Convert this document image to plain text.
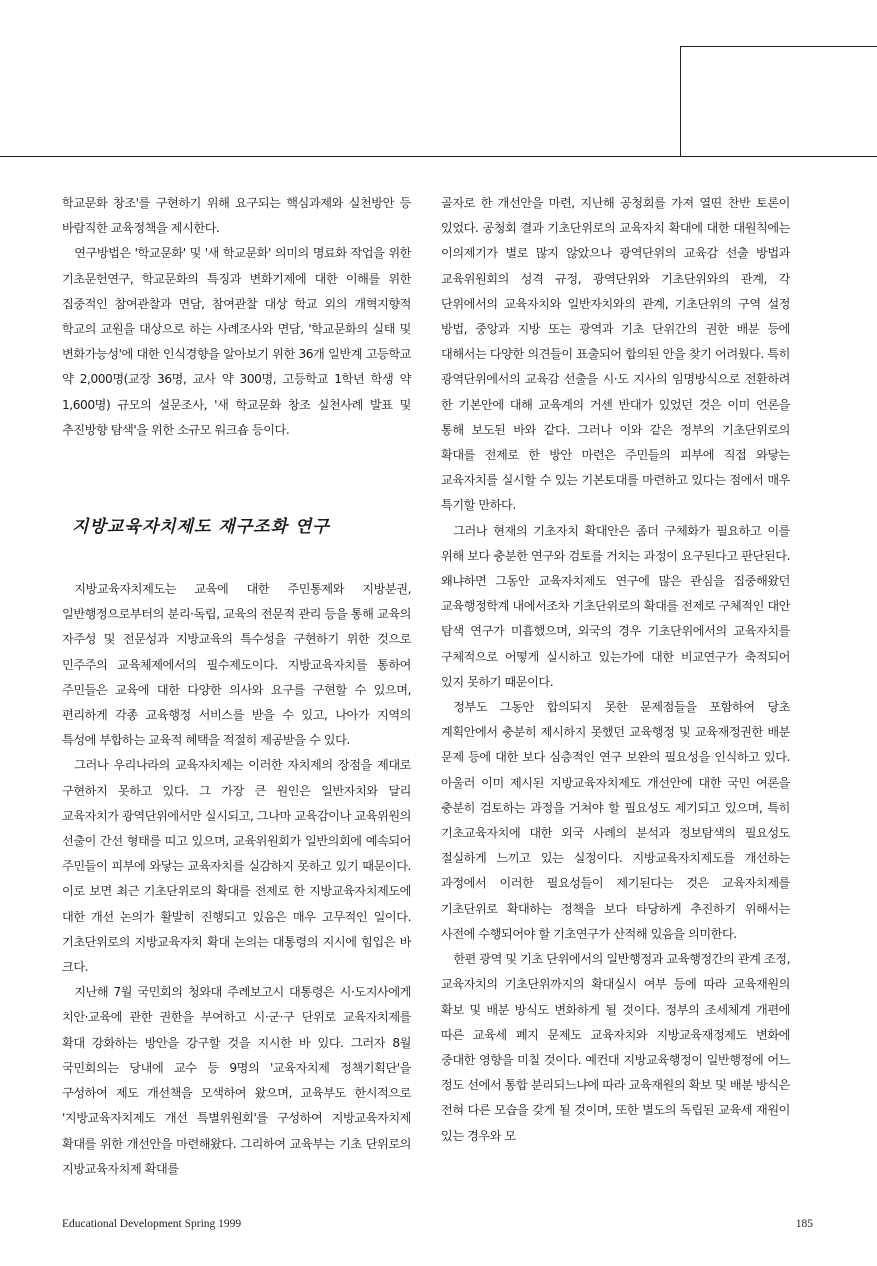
학교문화 창조'를 구현하기 위해 요구되는 핵심과제와 실천방안 등 바람직한 교육정책을 제시한다.

연구방법은 '학교문화' 및 '새 학교문화' 의미의 명료화 작업을 위한 기초문헌연구, 학교문화의 특징과 변화기제에 대한 이해를 위한 집중적인 참여관찰과 면담, 참여관찰 대상 학교 외의 개혁지향적 학교의 교원을 대상으로 하는 사례조사와 면담, '학교문화의 실태 및 변화가능성'에 대한 인식경향을 알아보기 위한 36개 일반계 고등학교 약 2,000명(교장 36명, 교사 약 300명, 고등학교 1학년 학생 약 1,600명) 규모의 설문조사, '새 학교문화 창조 실천사례 발표 및 추진방향 탐색'을 위한 소규모 워크숍 등이다.

지방교육자치제도 재구조화 연구

지방교육자치제도는 교육에 대한 주민통제와 지방분권, 일반행정으로부터의 분리·독립, 교육의 전문적 관리 등을 통해 교육의 자주성 및 전문성과 지방교육의 특수성을 구현하기 위한 것으로 민주주의 교육체제에서의 필수제도이다. 지방교육자치를 통하여 주민들은 교육에 대한 다양한 의사와 요구를 구현할 수 있으며, 편리하게 각종 교육행정 서비스를 받을 수 있고, 나아가 지역의 특성에 부합하는 교육적 혜택을 적절히 제공받을 수 있다.

그러나 우리나라의 교육자치제는 이러한 자치제의 장점을 제대로 구현하지 못하고 있다. 그 가장 큰 원인은 일반자치와 달리 교육자치가 광역단위에서만 실시되고, 그나마 교육감이나 교육위원의 선출이 간선 형태를 띠고 있으며, 교육위원회가 일반의회에 예속되어 주민들이 피부에 와닿는 교육자치를 실감하지 못하고 있기 때문이다. 이로 보면 최근 기초단위로의 확대를 전제로 한 지방교육자치제도에 대한 개선 논의가 활발히 진행되고 있음은 매우 고무적인 일이다. 기초단위로의 지방교육자치 확대 논의는 대통령의 지시에 힘입은 바 크다.

지난해 7월 국민회의 청와대 주례보고시 대통령은 시·도지사에게 치안·교육에 관한 권한을 부여하고 시·군·구 단위로 교육자치제를 확대 강화하는 방안을 강구할 것을 지시한 바 있다. 그러자 8월 국민회의는 당내에 교수 등 9명의 '교육자치제 정책기획단'을 구성하여 제도 개선책을 모색하여 왔으며, 교육부도 한시적으로 '지방교육자치제도 개선 특별위원회'를 구성하여 지방교육자치제 확대를 위한 개선안을 마련해왔다. 그리하여 교육부는 기초 단위로의 지방교육자치제 확대를

골자로 한 개선안을 마련, 지난해 공청회를 가져 열띤 찬반 토론이 있었다. 공청회 결과 기초단위로의 교육자치 확대에 대한 대원칙에는 이의제기가 별로 많지 않았으나 광역단위의 교육감 선출 방법과 교육위원회의 성격 규정, 광역단위와 기초단위와의 관계, 각 단위에서의 교육자치와 일반자치와의 관계, 기초단위의 구역 설정 방법, 중앙과 지방 또는 광역과 기초 단위간의 권한 배분 등에 대해서는 다양한 의견들이 표출되어 합의된 안을 찾기 어려웠다. 특히 광역단위에서의 교육감 선출을 시·도 지사의 임명방식으로 전환하려 한 기본안에 대해 교육계의 거센 반대가 있었던 것은 이미 언론을 통해 보도된 바와 같다. 그러나 이와 같은 정부의 기초단위로의 확대를 전제로 한 방안 마련은 주민들의 피부에 직접 와닿는 교육자치를 실시할 수 있는 기본토대를 마련하고 있다는 점에서 매우 특기할 만하다.

그러나 현재의 기초자치 확대안은 좀더 구체화가 필요하고 이를 위해 보다 충분한 연구와 검토를 거치는 과정이 요구된다고 판단된다. 왜냐하면 그동안 교육자치제도 연구에 많은 관심을 집중해왔던 교육행정학계 내에서조차 기초단위로의 확대를 전제로 구체적인 대안 탐색 연구가 미흡했으며, 외국의 경우 기초단위에서의 교육자치를 구체적으로 어떻게 실시하고 있는가에 대한 비교연구가 축적되어 있지 못하기 때문이다.

정부도 그동안 합의되지 못한 문제점들을 포함하여 당초 계획안에서 충분히 제시하지 못했던 교육행정 및 교육재정권한 배분 문제 등에 대한 보다 심층적인 연구 보완의 필요성을 인식하고 있다. 아울러 이미 제시된 지방교육자치제도 개선안에 대한 국민 여론을 충분히 검토하는 과정을 거쳐야 할 필요성도 제기되고 있으며, 특히 기초교육자치에 대한 외국 사례의 분석과 정보탐색의 필요성도 절실하게 느끼고 있는 실정이다. 지방교육자치제도를 개선하는 과정에서 이러한 필요성들이 제기된다는 것은 교육자치제를 기초단위로 확대하는 정책을 보다 타당하게 추진하기 위해서는 사전에 수행되어야 할 기초연구가 산적해 있음을 의미한다.

한편 광역 및 기초 단위에서의 일반행정과 교육행정간의 관계 조정, 교육자치의 기초단위까지의 확대실시 여부 등에 따라 교육재원의 확보 및 배분 방식도 변화하게 될 것이다. 정부의 조세체계 개편에 따른 교육세 폐지 문제도 교육자치와 지방교육재정제도 변화에 중대한 영향을 미칠 것이다. 예컨대 지방교육행정이 일반행정에 어느 정도 선에서 통합 분리되느냐에 따라 교육재원의 확보 및 배분 방식은 전혀 다른 모습을 갖게 될 것이며, 또한 별도의 독립된 교육세 재원이 있는 경우와 모

Educational Development Spring 1999	185
